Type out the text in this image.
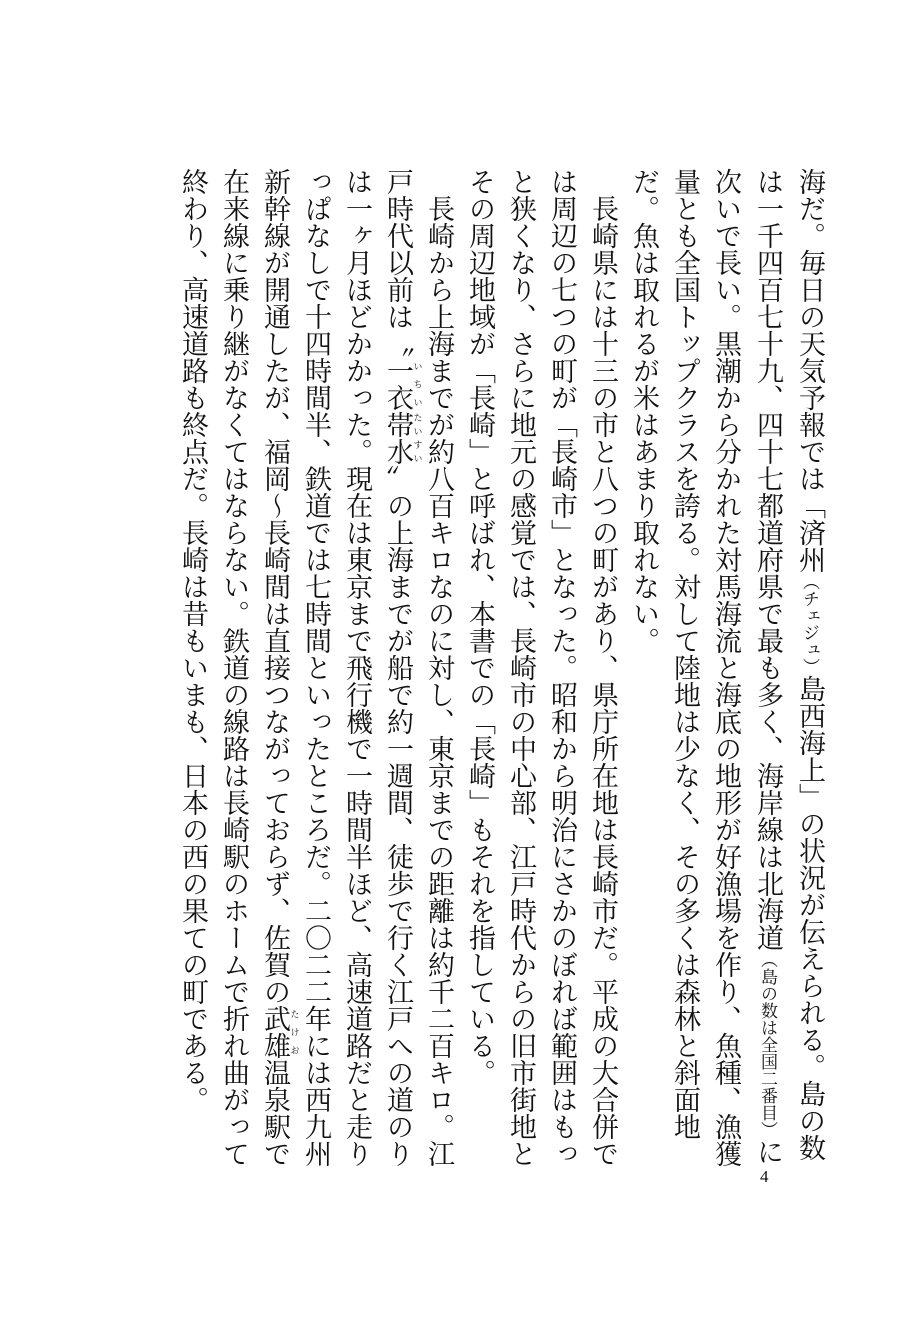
海だ。毎日の天気予報では「済州（チェジュ）島西海上」の状況が伝えられる。島の数は一千四百七十九、四十七都道府県で最も多く、海岸線は北海道（島の数は全国二番目）に次いで長い。黒潮から分かれた対馬海流と海底の地形が好漁場を作り、魚種、漁獲量とも全国トップクラスを誇る。対して陸地は少なく、その多くは森林と斜面地だ。魚は取れるが米はあまり取れない。

長崎県には十三の市と八つの町があり、県庁所在地は長崎市だ。平成の大合併では周辺の七つの町が「長崎市」となった。昭和から明治にさかのぼれば範囲はもっと狭くなり、さらに地元の感覚では、長崎市の中心部、江戸時代からの旧市街地とその周辺地域が「長崎」と呼ばれ、本書での「長崎」もそれを指している。

長崎から上海までが約八百キロなのに対し、東京までの距離は約千二百キロ。江戸時代以前は〝一衣いちい帯水たいすい〟の上海までが船で約一週間、徒歩で行く江戸への道のりは一ヶ月ほどかかった。現在は東京まで飛行機で一時間半ほど、高速道路だと走りっぱなしで十四時間半、鉄道では七時間といったところだ。二〇二二年には西九州新幹線が開通したが、福岡〜長崎間は直接つながっておらず、佐賀の武雄たけお温泉駅で在来線に乗り継がなくてはならない。鉄道の線路は長崎駅のホームで折れ曲がって終わり、高速道路も終点だ。長崎は昔もいまも、日本の西の果ての町である。

4
